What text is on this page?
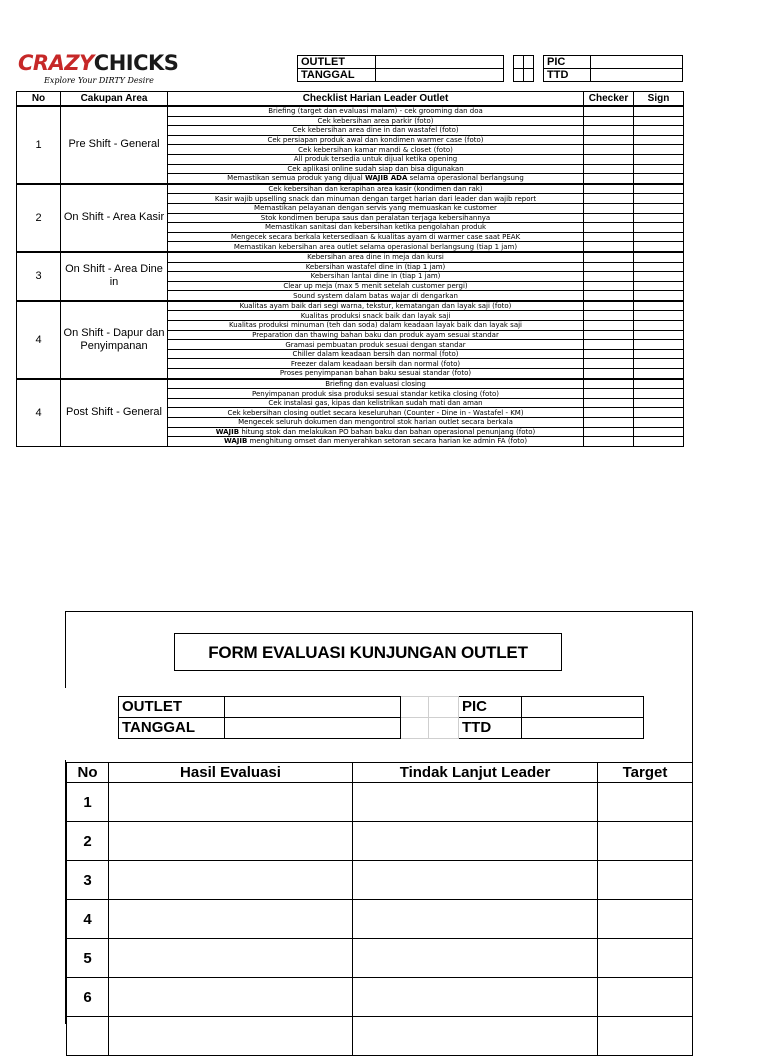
CRAZYCHICKS
Explore Your DIRTY Desire
OUTLET						PIC	
TANGGAL						TTD	
No	Cakupan Area	Checklist Harian Leader Outlet	Checker	Sign
1	Pre Shift - General	Briefing (target dan evaluasi malam) - cek grooming dan doa		
		Cek kebersihan area parkir (foto)		
		Cek kebersihan area dine in dan wastafel (foto)		
		Cek persiapan produk awal dan kondimen warmer case (foto)		
		Cek kebersihan kamar mandi & closet (foto)		
		All produk tersedia untuk dijual ketika opening		
		Cek aplikasi online sudah siap dan bisa digunakan		
		Memastikan semua produk yang dijual WAJIB ADA selama operasional berlangsung		
2	On Shift - Area Kasir	Cek kebersihan dan kerapihan area kasir (kondimen dan rak)		
		Kasir wajib upselling snack dan minuman dengan target harian dari leader dan wajib report		
		Memastikan pelayanan dengan servis yang memuaskan ke customer		
		Stok kondimen berupa saus dan peralatan terjaga kebersihannya		
		Memastikan sanitasi dan kebersihan ketika pengolahan produk		
		Mengecek secara berkala ketersediaan & kualitas ayam di warmer case saat PEAK		
		Memastikan kebersihan area outlet selama operasional berlangsung (tiap 1 jam)		
3	On Shift - Area Dine in	Kebersihan area dine in meja dan kursi		
		Kebersihan wastafel dine in (tiap 1 jam)		
		Kebersihan lantai dine in (tiap 1 jam)		
		Clear up meja (max 5 menit setelah customer pergi)		
		Sound system dalam batas wajar di dengarkan		
4	On Shift - Dapur dan Penyimpanan	Kualitas ayam baik dari segi warna, tekstur, kematangan dan layak saji (foto)		
		Kualitas produksi snack baik dan layak saji		
		Kualitas produksi minuman (teh dan soda) dalam keadaan layak baik dan layak saji		
		Preparation dan thawing bahan baku dan produk ayam sesuai standar		
		Gramasi pembuatan produk sesuai dengan standar		
		Chiller dalam keadaan bersih dan normal (foto)		
		Freezer dalam keadaan bersih dan normal (foto)		
		Proses penyimpanan bahan baku sesuai standar (foto)		
4	Post Shift - General	Briefing dan evaluasi closing		
		Penyimpanan produk sisa produksi sesuai standar ketika closing (foto)		
		Cek instalasi gas, kipas dan kelistrikan sudah mati dan aman		
		Cek kebersihan closing outlet secara keseluruhan (Counter - Dine in - Wastafel - KM)		
		Mengecek seluruh dokumen dan mengontrol stok harian outlet secara berkala		
		WAJIB hitung stok dan melakukan PO bahan baku dan bahan operasional penunjang (foto)		
		WAJIB menghitung omset dan menyerahkan setoran secara harian ke admin FA (foto)		
FORM EVALUASI KUNJUNGAN OUTLET
OUTLET				PIC	
TANGGAL				TTD	
No	Hasil Evaluasi	Tindak Lanjut Leader	Target
1			
2			
3			
4			
5			
6			
